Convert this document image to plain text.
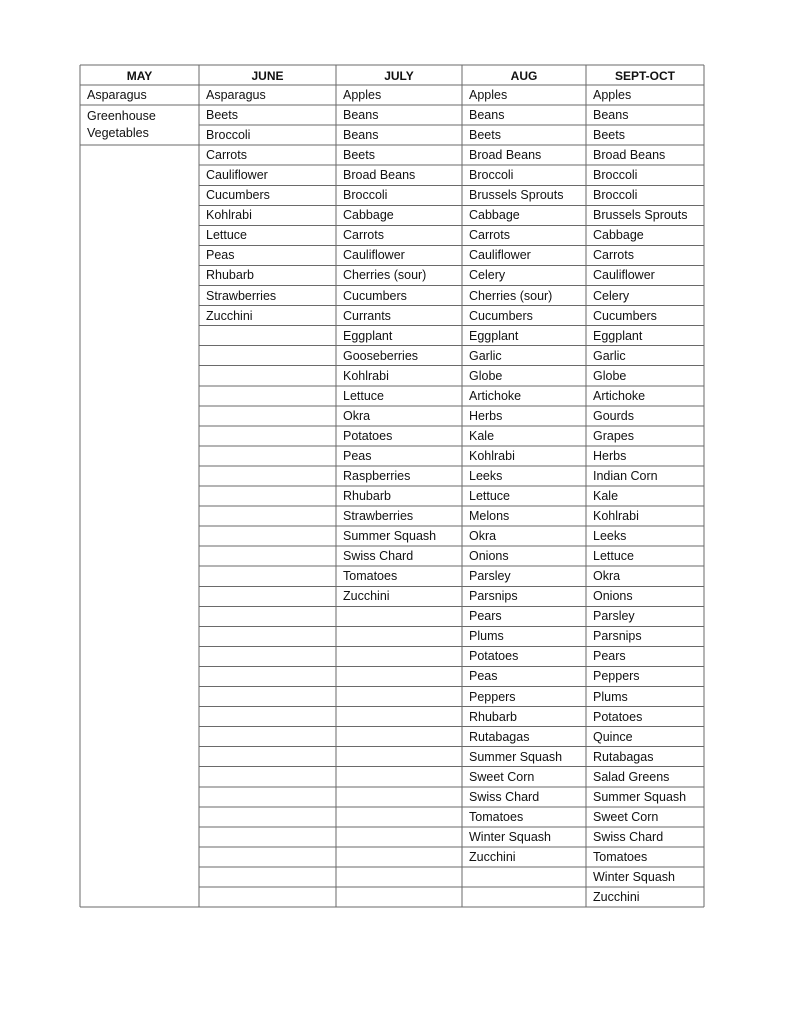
MAY
Asparagus
Greenhouse
Vegetables
JUNE
Asparagus
Beets
Broccoli
Carrots
Cauliflower
Cucumbers
Kohlrabi
Lettuce
Peas
Rhubarb
Strawberries
Zucchini
JULY
Apples
Beans
Beans
Beets
Broad Beans
Broccoli
Cabbage
Carrots
Cauliflower
Cherries (sour)
Cucumbers
Currants
Eggplant
Gooseberries
Kohlrabi
Lettuce
Okra
Potatoes
Peas
Raspberries
Rhubarb
Strawberries
Summer Squash
Swiss Chard
Tomatoes
Zucchini
AUG
Apples
Beans
Beets
Broad Beans
Broccoli
Brussels Sprouts
Cabbage
Carrots
Cauliflower
Celery
Cherries (sour)
Cucumbers
Eggplant
Garlic
Globe
Artichoke
Herbs
Kale
Kohlrabi
Leeks
Lettuce
Melons
Okra
Onions
Parsley
Parsnips
Pears
Plums
Potatoes
Peas
Peppers
Rhubarb
Rutabagas
Summer Squash
Sweet Corn
Swiss Chard
Tomatoes
Winter Squash
Zucchini
SEPT-OCT
Apples
Beans
Beets
Broad Beans
Broccoli
Broccoli
Brussels Sprouts
Cabbage
Carrots
Cauliflower
Celery
Cucumbers
Eggplant
Garlic
Globe
Artichoke
Gourds
Grapes
Herbs
Indian Corn
Kale
Kohlrabi
Leeks
Lettuce
Okra
Onions
Parsley
Parsnips
Pears
Peppers
Plums
Potatoes
Quince
Rutabagas
Salad Greens
Summer Squash
Sweet Corn
Swiss Chard
Tomatoes
Winter Squash
Zucchini
